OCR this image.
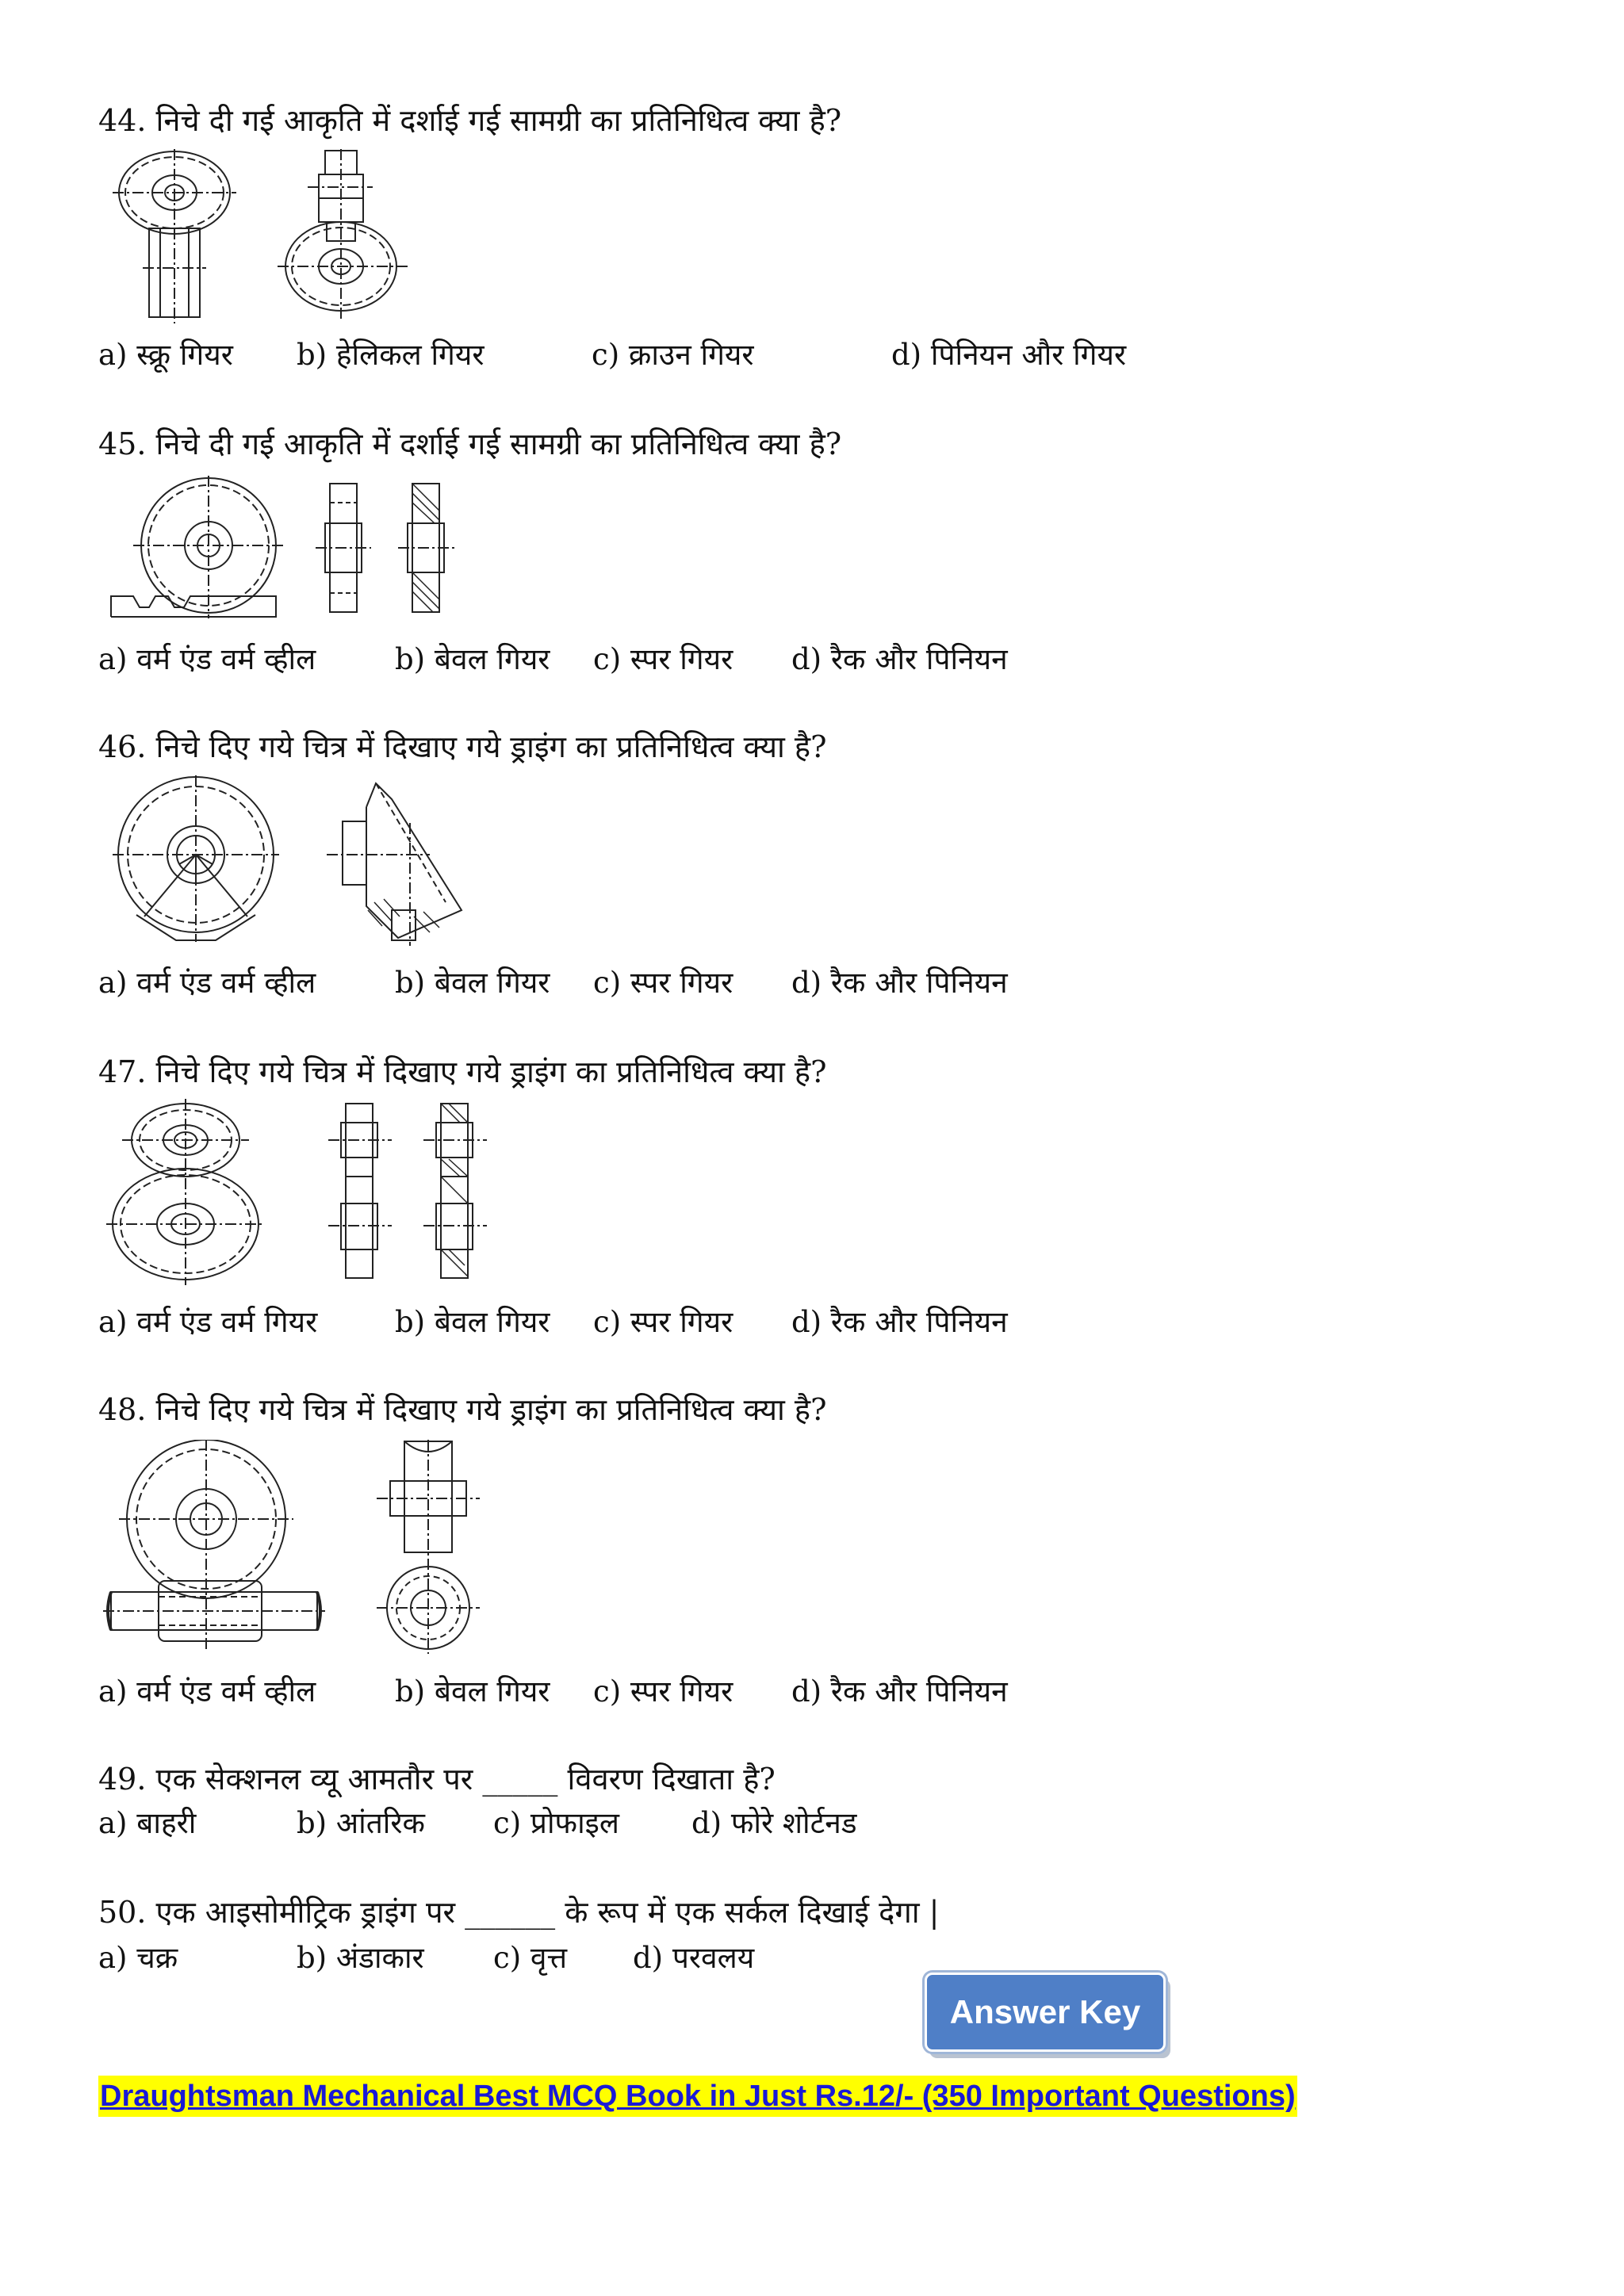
44. निचे दी गई आकृति में दर्शाई गई सामग्री का प्रतिनिधित्व क्या है?
a) स्क्रू गियर b) हेलिकल गियर	c) क्राउन गियर	d) पिनियन और गियर
45. निचे दी गई आकृति में दर्शाई गई सामग्री का प्रतिनिधित्व क्या है?
a) वर्म एंड वर्म व्हील	b) बेवल गियर c) स्पर गियर d) रैक और पिनियन
46. निचे दिए गये चित्र में दिखाए गये ड्राइंग का प्रतिनिधित्व क्या है?
a) वर्म एंड वर्म व्हील	b) बेवल गियर c) स्पर गियर d) रैक और पिनियन
47. निचे दिए गये चित्र में दिखाए गये ड्राइंग का प्रतिनिधित्व क्या है?
a) वर्म एंड वर्म गियर	b) बेवल गियर c) स्पर गियर d) रैक और पिनियन
48. निचे दिए गये चित्र में दिखाए गये ड्राइंग का प्रतिनिधित्व क्या है?
a) वर्म एंड वर्म व्हील	b) बेवल गियर c) स्पर गियर d) रैक और पिनियन
49. एक सेक्शनल व्यू आमतौर पर _____ विवरण दिखाता है?
a) बाहरी	b) आंतरिक c) प्रोफाइल d) फोरे शोर्टनड
50. एक आइसोमीट्रिक ड्राइंग पर ______ के रूप में एक सर्कल दिखाई देगा |
a) चक्र	b) अंडाकार c) वृत्त d) परवलय
Answer Key
Draughtsman Mechanical Best MCQ Book in Just Rs.12/- (350 Important Questions)
